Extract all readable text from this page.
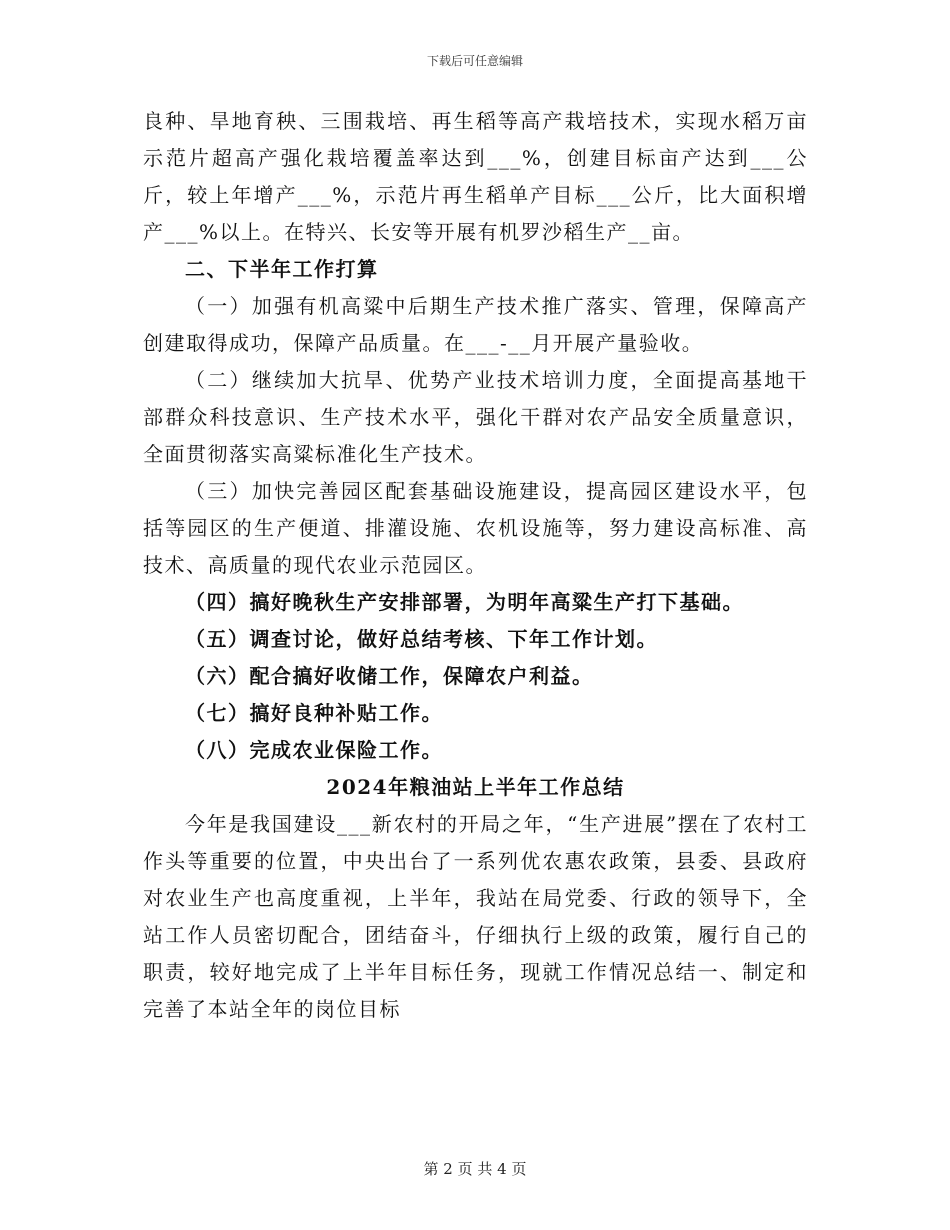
下载后可任意编辑

良种、旱地育秧、三围栽培、再生稻等高产栽培技术，实现水稻万亩示范片超高产强化栽培覆盖率达到___%，创建目标亩产达到___公斤，较上年增产___%，示范片再生稻单产目标___公斤，比大面积增产___%以上。在特兴、长安等开展有机罗沙稻生产__亩。

二、下半年工作打算

（一）加强有机高粱中后期生产技术推广落实、管理，保障高产创建取得成功，保障产品质量。在___-__月开展产量验收。

（二）继续加大抗旱、优势产业技术培训力度，全面提高基地干部群众科技意识、生产技术水平，强化干群对农产品安全质量意识，全面贯彻落实高粱标准化生产技术。

（三）加快完善园区配套基础设施建设，提高园区建设水平，包括等园区的生产便道、排灌设施、农机设施等，努力建设高标准、高技术、高质量的现代农业示范园区。

（四）搞好晚秋生产安排部署，为明年高粱生产打下基础。

（五）调查讨论，做好总结考核、下年工作计划。

（六）配合搞好收储工作，保障农户利益。

（七）搞好良种补贴工作。

（八）完成农业保险工作。

2024年粮油站上半年工作总结

今年是我国建设___新农村的开局之年，“生产进展”摆在了农村工作头等重要的位置，中央出台了一系列优农惠农政策，县委、县政府对农业生产也高度重视，上半年，我站在局党委、行政的领导下，全站工作人员密切配合，团结奋斗，仔细执行上级的政策，履行自己的职责，较好地完成了上半年目标任务，现就工作情况总结一、制定和完善了本站全年的岗位目标

第 2 页 共 4 页
